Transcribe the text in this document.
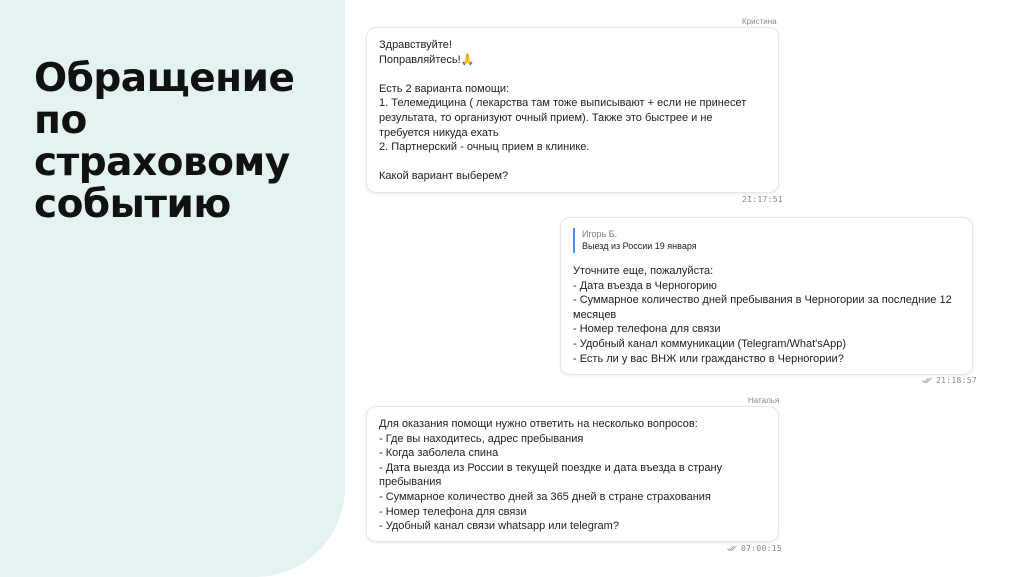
Обращение
по
страховому
событию
Кристина
Здравствуйте!
Поправляйтесь!🙏

Есть 2 варианта помощи:
1. Телемедицина ( лекарства там тоже выписывают + если не принесет
результата, то организуют очный прием). Также это быстрее и не
требуется никуда ехать
2. Партнерский - очныц прием в клинике.

Какой вариант выберем?
21:17:51
Игорь Б.
Выезд из России 19 января
Уточните еще, пожалуйста:
- Дата въезда в Черногорию
- Суммарное количество дней пребывания в Черногории за последние 12
месяцев
- Номер телефона для связи
- Удобный канал коммуникации (Telegram/What'sApp)
- Есть ли у вас ВНЖ или гражданство в Черногории?
21:18:57
Наталья
Для оказания помощи нужно ответить на несколько вопросов:
- Где вы находитесь, адрес пребывания
- Когда заболела спина
- Дата выезда из России в текущей поездке и дата въезда в страну
пребывания
- Суммарное количество дней за 365 дней в стране страхования
- Номер телефона для связи
- Удобный канал связи whatsapp или telegram?
07:00:15
